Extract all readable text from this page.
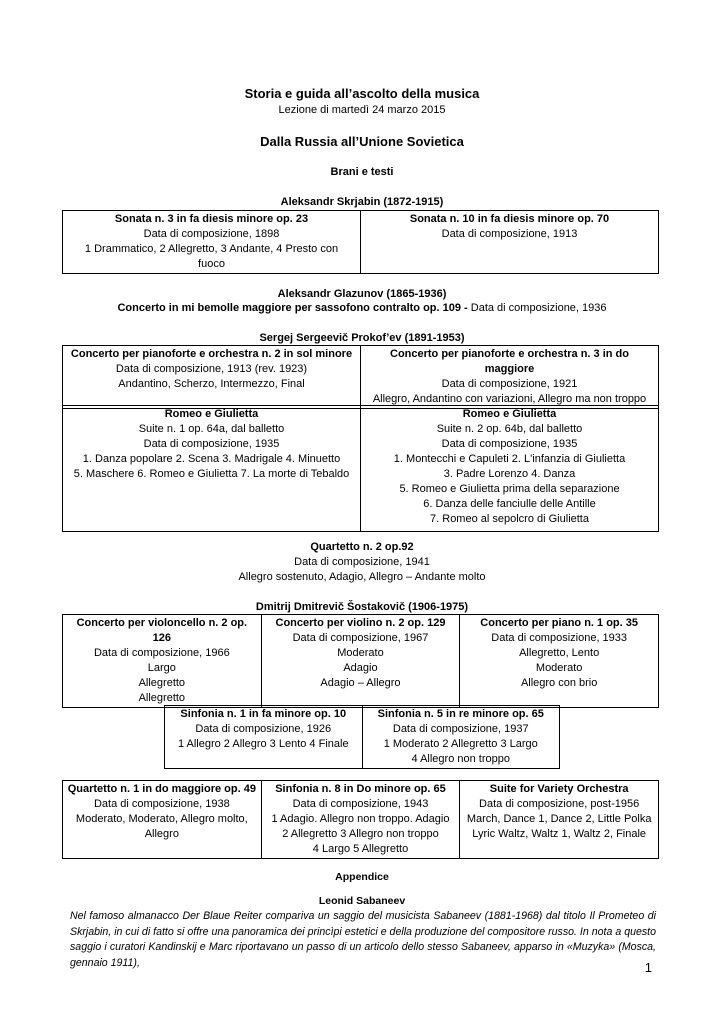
Storia e guida all’ascolto della musica
Lezione di martedì 24 marzo 2015
Dalla Russia all’Unione Sovietica
Brani e testi
Aleksandr Skrjabin (1872-1915)
Sonata n. 3 in fa diesis minore op. 23
Data di composizione, 1898
1 Drammatico, 2 Allegretto, 3 Andante, 4 Presto con
fuoco

Sonata n. 10 in fa diesis minore op. 70
Data di composizione, 1913
Aleksandr Glazunov (1865-1936)
Concerto in mi bemolle maggiore per sassofono contralto op. 109 - Data di composizione, 1936
Sergej Sergeevič Prokof’ev (1891-1953)
Concerto per pianoforte e orchestra n. 2 in sol minore
Data di composizione, 1913 (rev. 1923)
Andantino, Scherzo, Intermezzo, Final

Concerto per pianoforte e orchestra n. 3 in do maggiore
Data di composizione, 1921
Allegro, Andantino con variazioni, Allegro ma non troppo
Romeo e Giulietta
Suite n. 1 op. 64a, dal balletto
Data di composizione, 1935
1. Danza popolare 2. Scena 3. Madrigale 4. Minuetto
5. Maschere 6. Romeo e Giulietta 7. La morte di Tebaldo

Romeo e Giulietta
Suite n. 2 op. 64b, dal balletto
Data di composizione, 1935
1. Montecchi e Capuleti 2. L'infanzia di Giulietta
3. Padre Lorenzo 4. Danza
5. Romeo e Giulietta prima della separazione
6. Danza delle fanciulle delle Antille
7. Romeo al sepolcro di Giulietta
Quartetto n. 2 op.92
Data di composizione, 1941
Allegro sostenuto, Adagio, Allegro – Andante molto
Dmitrij Dmitrevič Šostakovič (1906-1975)
Concerto per violoncello n. 2 op. 126
Data di composizione, 1966
Largo
Allegretto
Allegretto

Concerto per violino n. 2 op. 129
Data di composizione, 1967
Moderato
Adagio
Adagio – Allegro

Concerto per piano n. 1 op. 35
Data di composizione, 1933
Allegretto, Lento
Moderato
Allegro con brio
Sinfonia n. 1 in fa minore op. 10
Data di composizione, 1926
1 Allegro 2 Allegro 3 Lento 4 Finale

Sinfonia n. 5 in re minore op. 65
Data di composizione, 1937
1 Moderato 2 Allegretto 3 Largo
4 Allegro non troppo
Quartetto n. 1 in do maggiore op. 49
Data di composizione, 1938
Moderato, Moderato, Allegro molto,
Allegro

Sinfonia n. 8 in Do minore op. 65
Data di composizione, 1943
1 Adagio. Allegro non troppo. Adagio
2 Allegretto 3 Allegro non troppo
4 Largo 5 Allegretto

Suite for Variety Orchestra
Data di composizione, post-1956
March, Dance 1, Dance 2, Little Polka
Lyric Waltz, Waltz 1, Waltz 2, Finale
Appendice
Leonid Sabaneev
Nel famoso almanacco Der Blaue Reiter compariva un saggio del musicista Sabaneev (1881-1968) dal titolo Il Prometeo di Skrjabin, in cui di fatto si offre una panoramica dei princìpi estetici e della produzione del compositore russo. In nota a questo saggio i curatori Kandinskij e Marc riportavano un passo di un articolo dello stesso Sabaneev, apparso in «Muzyka» (Mosca, gennaio 1911),	1
